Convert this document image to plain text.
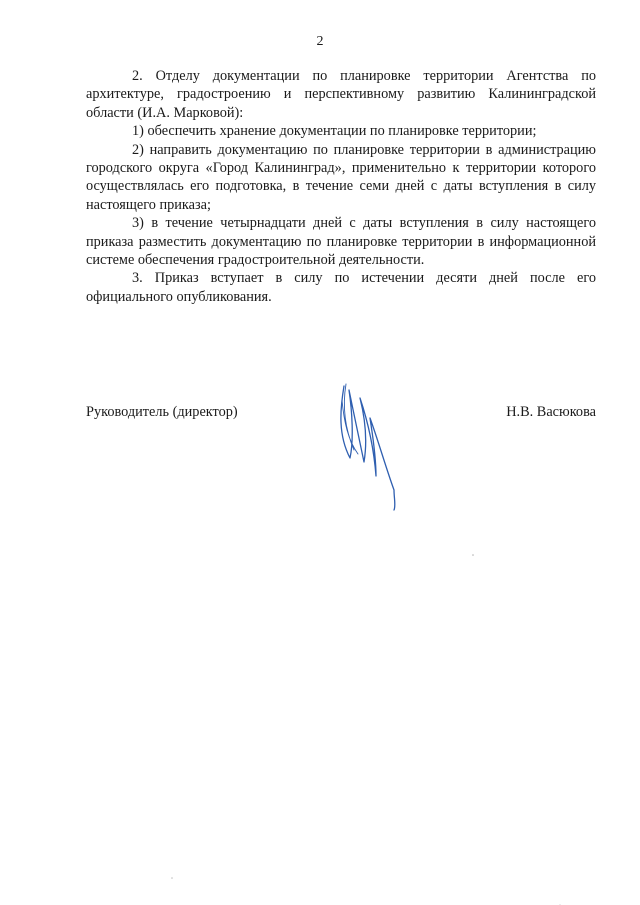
2

2. Отделу документации по планировке территории Агентства по архитектуре, градостроению и перспективному развитию Калининградской области (И.А. Марковой):

1) обеспечить хранение документации по планировке территории;

2) направить документацию по планировке территории в администрацию городского округа «Город Калининград», применительно к территории которого осуществлялась его подготовка, в течение семи дней с даты вступления в силу настоящего приказа;

3) в течение четырнадцати дней с даты вступления в силу настоящего приказа разместить документацию по планировке территории в информационной системе обеспечения градостроительной деятельности.

3. Приказ вступает в силу по истечении десяти дней после его официального опубликования.

Руководитель (директор)	Н.В. Васюкова
